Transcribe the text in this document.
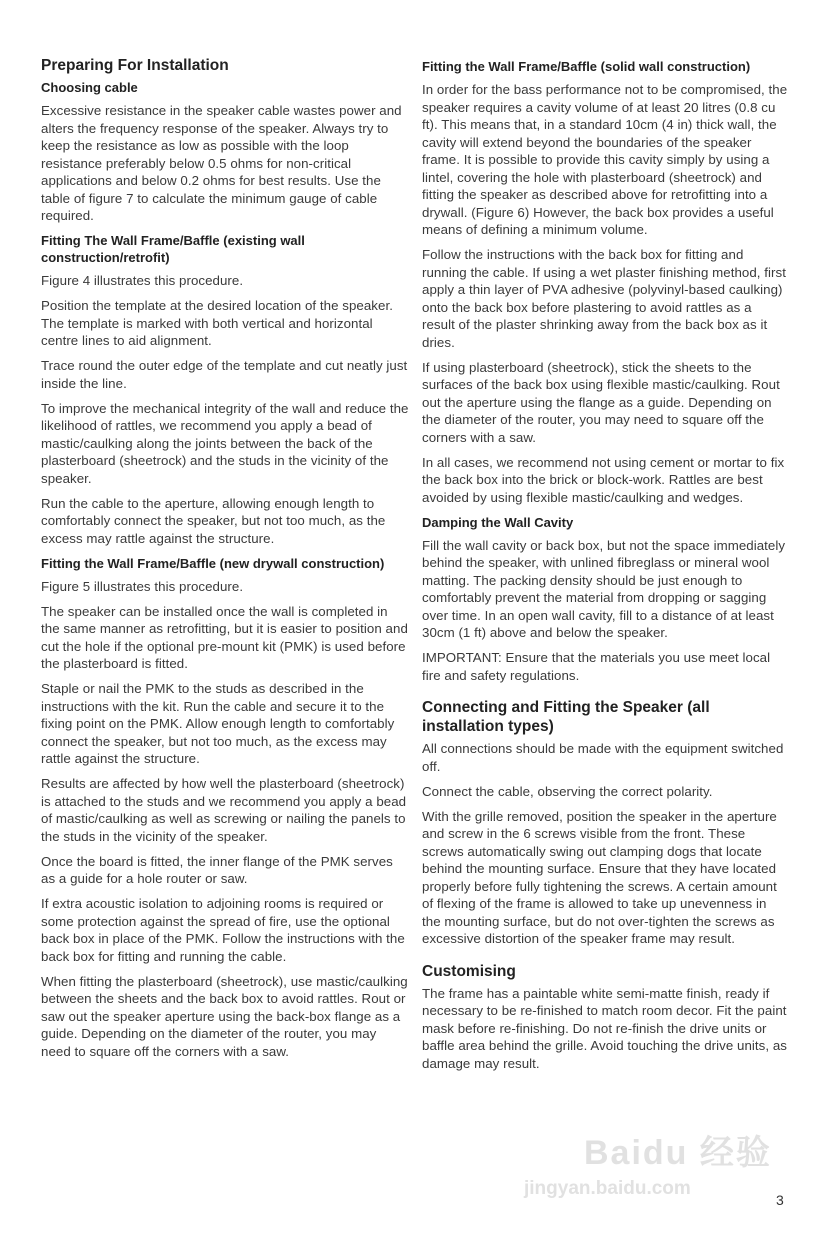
Preparing For Installation
Choosing cable
Excessive resistance in the speaker cable wastes power and alters the frequency response of the speaker. Always try to keep the resistance as low as possible with the loop resistance preferably below 0.5 ohms for non-critical applications and below 0.2 ohms for best results. Use the table of figure 7 to calculate the minimum gauge of cable required.
Fitting The Wall Frame/Baffle (existing wall construction/retrofit)
Figure 4 illustrates this procedure.
Position the template at the desired location of the speaker. The template is marked with both vertical and horizontal centre lines to aid alignment.
Trace round the outer edge of the template and cut neatly just inside the line.
To improve the mechanical integrity of the wall and reduce the likelihood of rattles, we recommend you apply a bead of mastic/caulking along the joints between the back of the plasterboard (sheetrock) and the studs in the vicinity of the speaker.
Run the cable to the aperture, allowing enough length to comfortably connect the speaker, but not too much, as the excess may rattle against the structure.
Fitting the Wall Frame/Baffle (new drywall construction)
Figure 5 illustrates this procedure.
The speaker can be installed once the wall is completed in the same manner as retrofitting, but it is easier to position and cut the hole if the optional pre-mount kit (PMK) is used before the plasterboard is fitted.
Staple or nail the PMK to the studs as described in the instructions with the kit. Run the cable and secure it to the fixing point on the PMK. Allow enough length to comfortably connect the speaker, but not too much, as the excess may rattle against the structure.
Results are affected by how well the plasterboard (sheetrock) is attached to the studs and we recommend you apply a bead of mastic/caulking as well as screwing or nailing the panels to the studs in the vicinity of the speaker.
Once the board is fitted, the inner flange of the PMK serves as a guide for a hole router or saw.
If extra acoustic isolation to adjoining rooms is required or some protection against the spread of fire, use the optional back box in place of the PMK. Follow the instructions with the back box for fitting and running the cable.
When fitting the plasterboard (sheetrock), use mastic/caulking between the sheets and the back box to avoid rattles. Rout or saw out the speaker aperture using the back-box flange as a guide. Depending on the diameter of the router, you may need to square off the corners with a saw.
Fitting the Wall Frame/Baffle (solid wall construction)
In order for the bass performance not to be compromised, the speaker requires a cavity volume of at least 20 litres (0.8 cu ft). This means that, in a standard 10cm (4 in) thick wall, the cavity will extend beyond the boundaries of the speaker frame. It is possible to provide this cavity simply by using a lintel, covering the hole with plasterboard (sheetrock) and fitting the speaker as described above for retrofitting into a drywall. (Figure 6) However, the back box provides a useful means of defining a minimum volume.
Follow the instructions with the back box for fitting and running the cable. If using a wet plaster finishing method, first apply a thin layer of PVA adhesive (polyvinyl-based caulking) onto the back box before plastering to avoid rattles as a result of the plaster shrinking away from the back box as it dries.
If using plasterboard (sheetrock), stick the sheets to the surfaces of the back box using flexible mastic/caulking. Rout out the aperture using the flange as a guide. Depending on the diameter of the router, you may need to square off the corners with a saw.
In all cases, we recommend not using cement or mortar to fix the back box into the brick or block-work. Rattles are best avoided by using flexible mastic/caulking and wedges.
Damping the Wall Cavity
Fill the wall cavity or back box, but not the space immediately behind the speaker, with unlined fibreglass or mineral wool matting. The packing density should be just enough to comfortably prevent the material from dropping or sagging over time. In an open wall cavity, fill to a distance of at least 30cm (1 ft) above and below the speaker.
IMPORTANT: Ensure that the materials you use meet local fire and safety regulations.
Connecting and Fitting the Speaker (all installation types)
All connections should be made with the equipment switched off.
Connect the cable, observing the correct polarity.
With the grille removed, position the speaker in the aperture and screw in the 6 screws visible from the front. These screws automatically swing out clamping dogs that locate behind the mounting surface. Ensure that they have located properly before fully tightening the screws. A certain amount of flexing of the frame is allowed to take up unevenness in the mounting surface, but do not over-tighten the screws as excessive distortion of the speaker frame may result.
Customising
The frame has a paintable white semi-matte finish, ready if necessary to be re-finished to match room decor. Fit the paint mask before re-finishing. Do not re-finish the drive units or baffle area behind the grille. Avoid touching the drive units, as damage may result.
3
Baidu 经验
jingyan.baidu.com
